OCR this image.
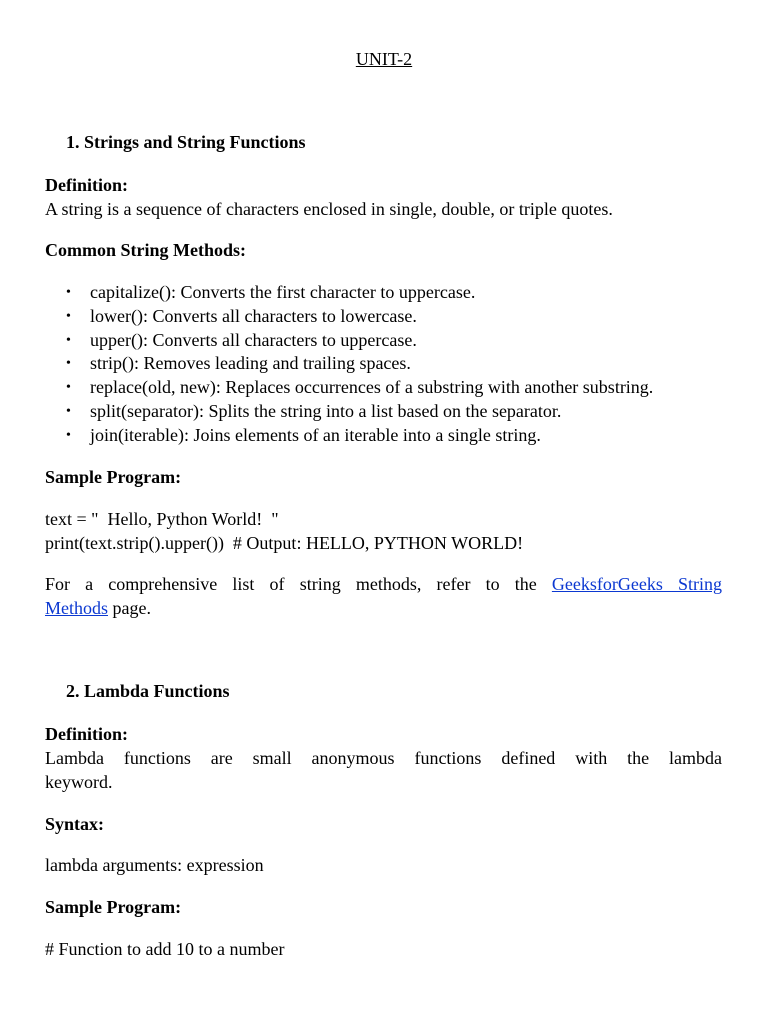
UNIT-2
1. Strings and String Functions
Definition:
A string is a sequence of characters enclosed in single, double, or triple quotes.
Common String Methods:
• capitalize(): Converts the first character to uppercase.
• lower(): Converts all characters to lowercase.
• upper(): Converts all characters to uppercase.
• strip(): Removes leading and trailing spaces.
• replace(old, new): Replaces occurrences of a substring with another substring.
• split(separator): Splits the string into a list based on the separator.
• join(iterable): Joins elements of an iterable into a single string.
Sample Program:
text = "  Hello, Python World!  "
print(text.strip().upper())  # Output: HELLO, PYTHON WORLD!
For a comprehensive list of string methods, refer to the GeeksforGeeks String
Methods page.
2. Lambda Functions
Definition:
Lambda functions are small anonymous functions defined with the lambda
keyword.
Syntax:
lambda arguments: expression
Sample Program:
# Function to add 10 to a number
